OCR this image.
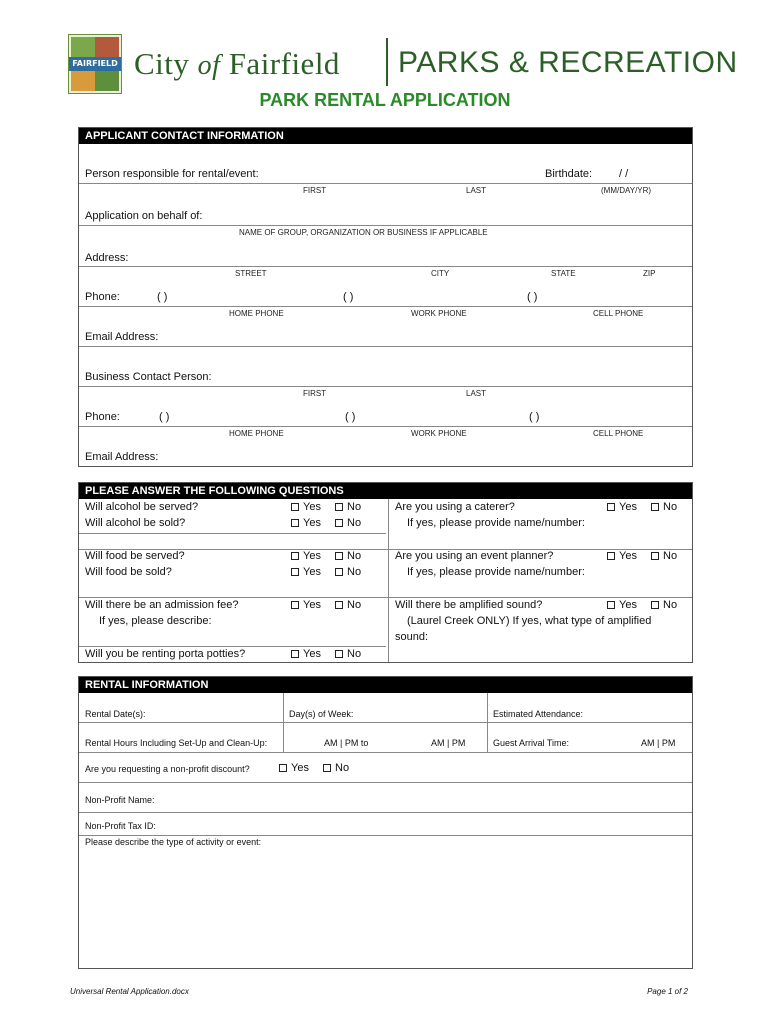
FAIRFIELD City of Fairfield PARKS & RECREATION
PARK RENTAL APPLICATION
APPLICANT CONTACT INFORMATION
Person responsible for rental/event:	Birthdate: / /
FIRST	LAST	(MM/DAY/YR)
Application on behalf of:
NAME OF GROUP, ORGANIZATION OR BUSINESS IF APPLICABLE
Address:
STREET	CITY	STATE	ZIP
Phone:	( )	( )	( )
HOME PHONE	WORK PHONE	CELL PHONE
Email Address:
Business Contact Person:
FIRST	LAST
Phone:	( )	( )	( )
HOME PHONE	WORK PHONE	CELL PHONE
Email Address:
PLEASE ANSWER THE FOLLOWING QUESTIONS
Will alcohol be served?	Yes	No
Will alcohol be sold?	Yes	No
Will food be served?	Yes	No
Will food be sold?	Yes	No
Will there be an admission fee?	Yes	No
If yes, please describe:
Will you be renting porta potties?	Yes	No
Are you using a caterer?	Yes	No
If yes, please provide name/number:
Are you using an event planner?	Yes	No
If yes, please provide name/number:
Will there be amplified sound?	Yes	No
(Laurel Creek ONLY) If yes, what type of amplified
sound:
RENTAL INFORMATION
Rental Date(s):	Day(s) of Week:	Estimated Attendance:
Rental Hours Including Set-Up and Clean-Up:	AM | PM to	AM | PM	Guest Arrival Time:	AM | PM
Are you requesting a non-profit discount?	Yes	No
Non-Profit Name:
Non-Profit Tax ID:
Please describe the type of activity or event:
Universal Rental Application.docx	Page 1 of 2
